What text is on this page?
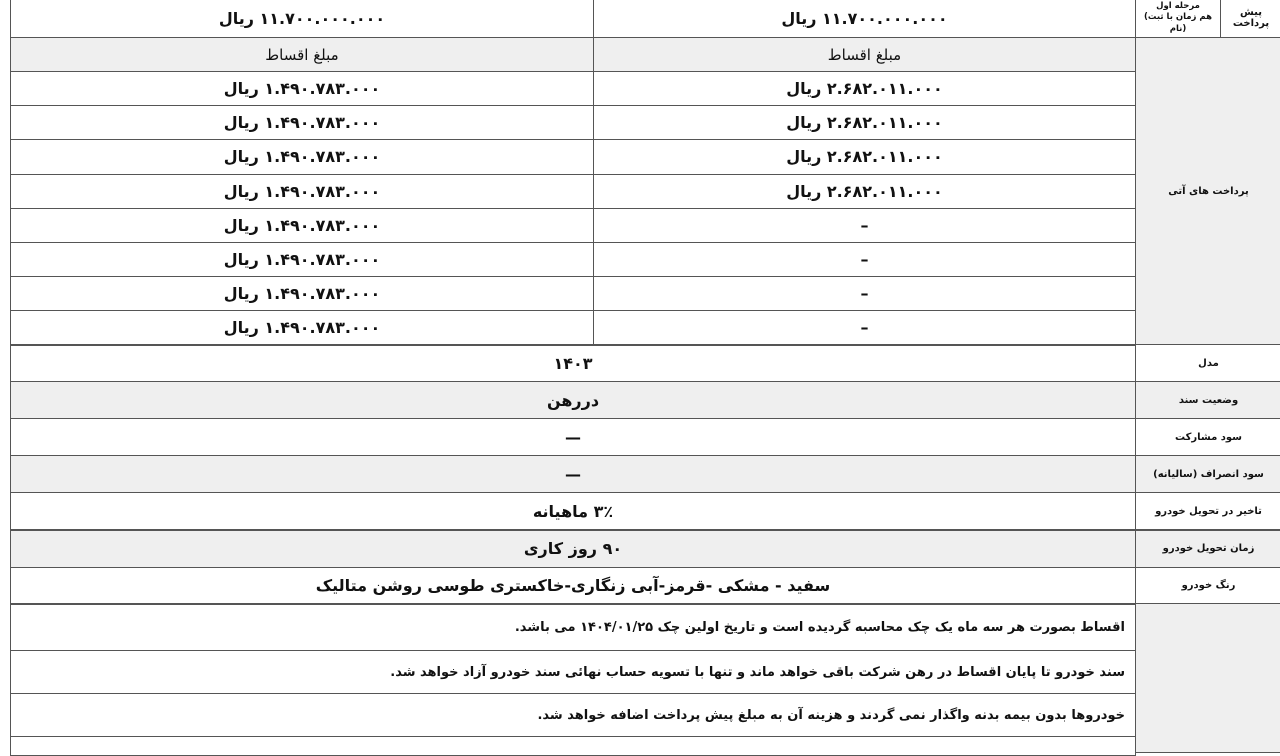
پیش پرداخت
مرحله اول
(هم زمان با ثبت نام)
۱۱.۷۰۰.۰۰۰.۰۰۰ ریال
۱۱.۷۰۰.۰۰۰.۰۰۰ ریال
پرداخت های آتی
مبلغ اقساط
مبلغ اقساط
۲.۶۸۲.۰۱۱.۰۰۰ ریال
۱.۴۹۰.۷۸۳.۰۰۰ ریال
۲.۶۸۲.۰۱۱.۰۰۰ ریال
۱.۴۹۰.۷۸۳.۰۰۰ ریال
۲.۶۸۲.۰۱۱.۰۰۰ ریال
۱.۴۹۰.۷۸۳.۰۰۰ ریال
۲.۶۸۲.۰۱۱.۰۰۰ ریال
۱.۴۹۰.۷۸۳.۰۰۰ ریال
–
۱.۴۹۰.۷۸۳.۰۰۰ ریال
–
۱.۴۹۰.۷۸۳.۰۰۰ ریال
–
۱.۴۹۰.۷۸۳.۰۰۰ ریال
–
۱.۴۹۰.۷۸۳.۰۰۰ ریال
مدل
۱۴۰۳
وضعیت سند
دررهن
سود مشارکت
—
سود انصراف (سالیانه)
—
تاخیر در تحویل خودرو
۳٪ ماهیانه
زمان تحویل خودرو
۹۰ روز کاری
رنگ خودرو
سفید - مشکی -قرمز-آبی زنگاری-خاکستری طوسی روشن متالیک
اقساط بصورت هر سه ماه یک چک محاسبه گردیده است و تاریخ اولین چک ۱۴۰۴/۰۱/۲۵ می باشد.
سند خودرو تا پایان اقساط در رهن شرکت باقی خواهد ماند و تنها با تسویه حساب نهائی سند خودرو آزاد خواهد شد.
خودروها بدون بیمه بدنه واگذار نمی گردند و هزینه آن به مبلغ پیش پرداخت اضافه خواهد شد.
